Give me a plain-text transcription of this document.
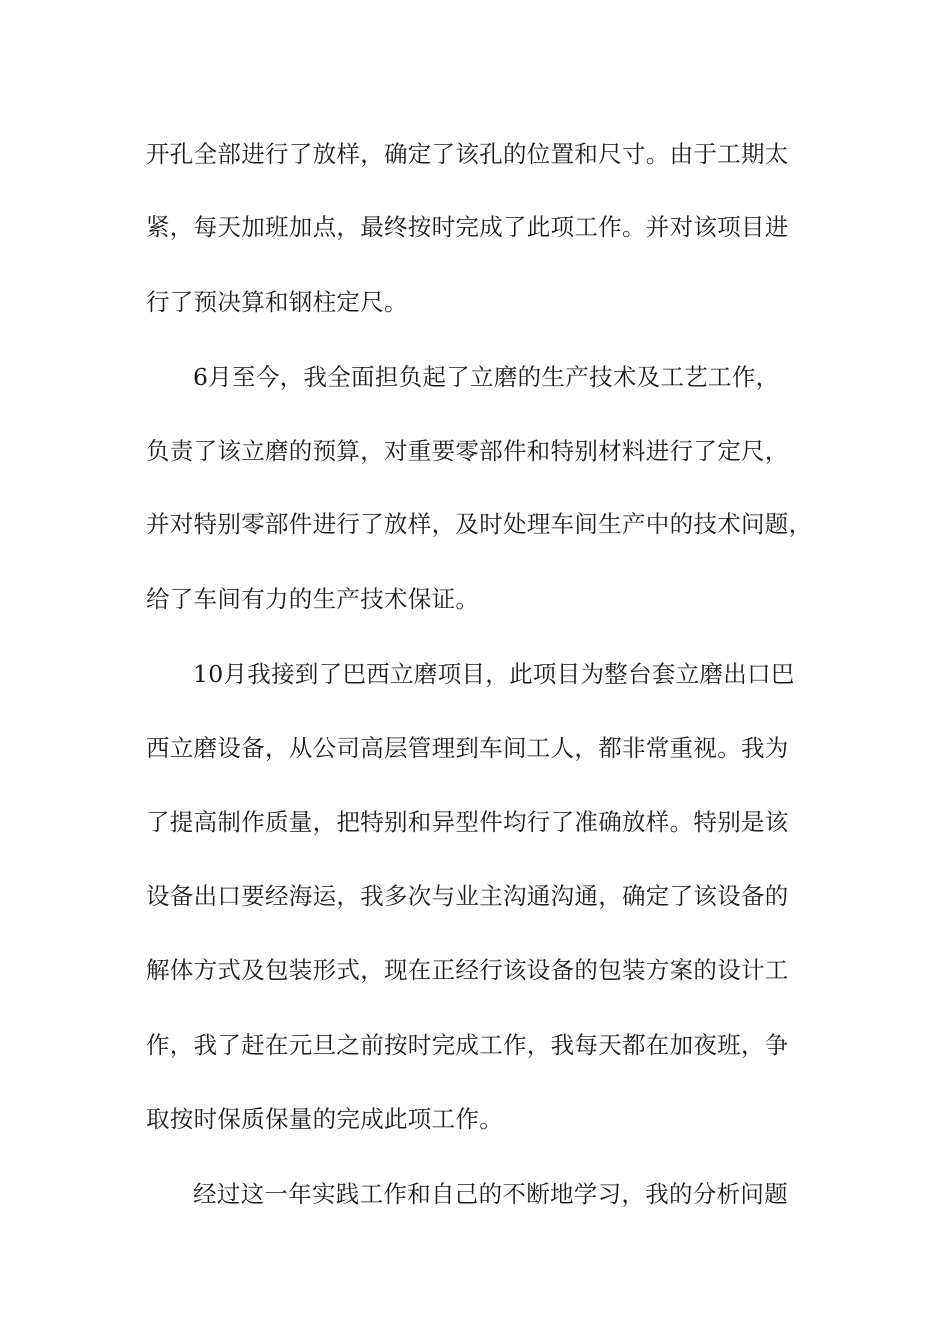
开孔全部进行了放样，确定了该孔的位置和尺寸。由于工期太
紧，每天加班加点，最终按时完成了此项工作。并对该项目进
行了预决算和钢柱定尺。
6月至今，我全面担负起了立磨的生产技术及工艺工作，
负责了该立磨的预算，对重要零部件和特别材料进行了定尺，
并对特别零部件进行了放样，及时处理车间生产中的技术问题，
给了车间有力的生产技术保证。
10月我接到了巴西立磨项目，此项目为整台套立磨出口巴
西立磨设备，从公司高层管理到车间工人，都非常重视。我为
了提高制作质量，把特别和异型件均行了准确放样。特别是该
设备出口要经海运，我多次与业主沟通沟通，确定了该设备的
解体方式及包装形式，现在正经行该设备的包装方案的设计工
作，我了赶在元旦之前按时完成工作，我每天都在加夜班，争
取按时保质保量的完成此项工作。
经过这一年实践工作和自己的不断地学习，我的分析问题
